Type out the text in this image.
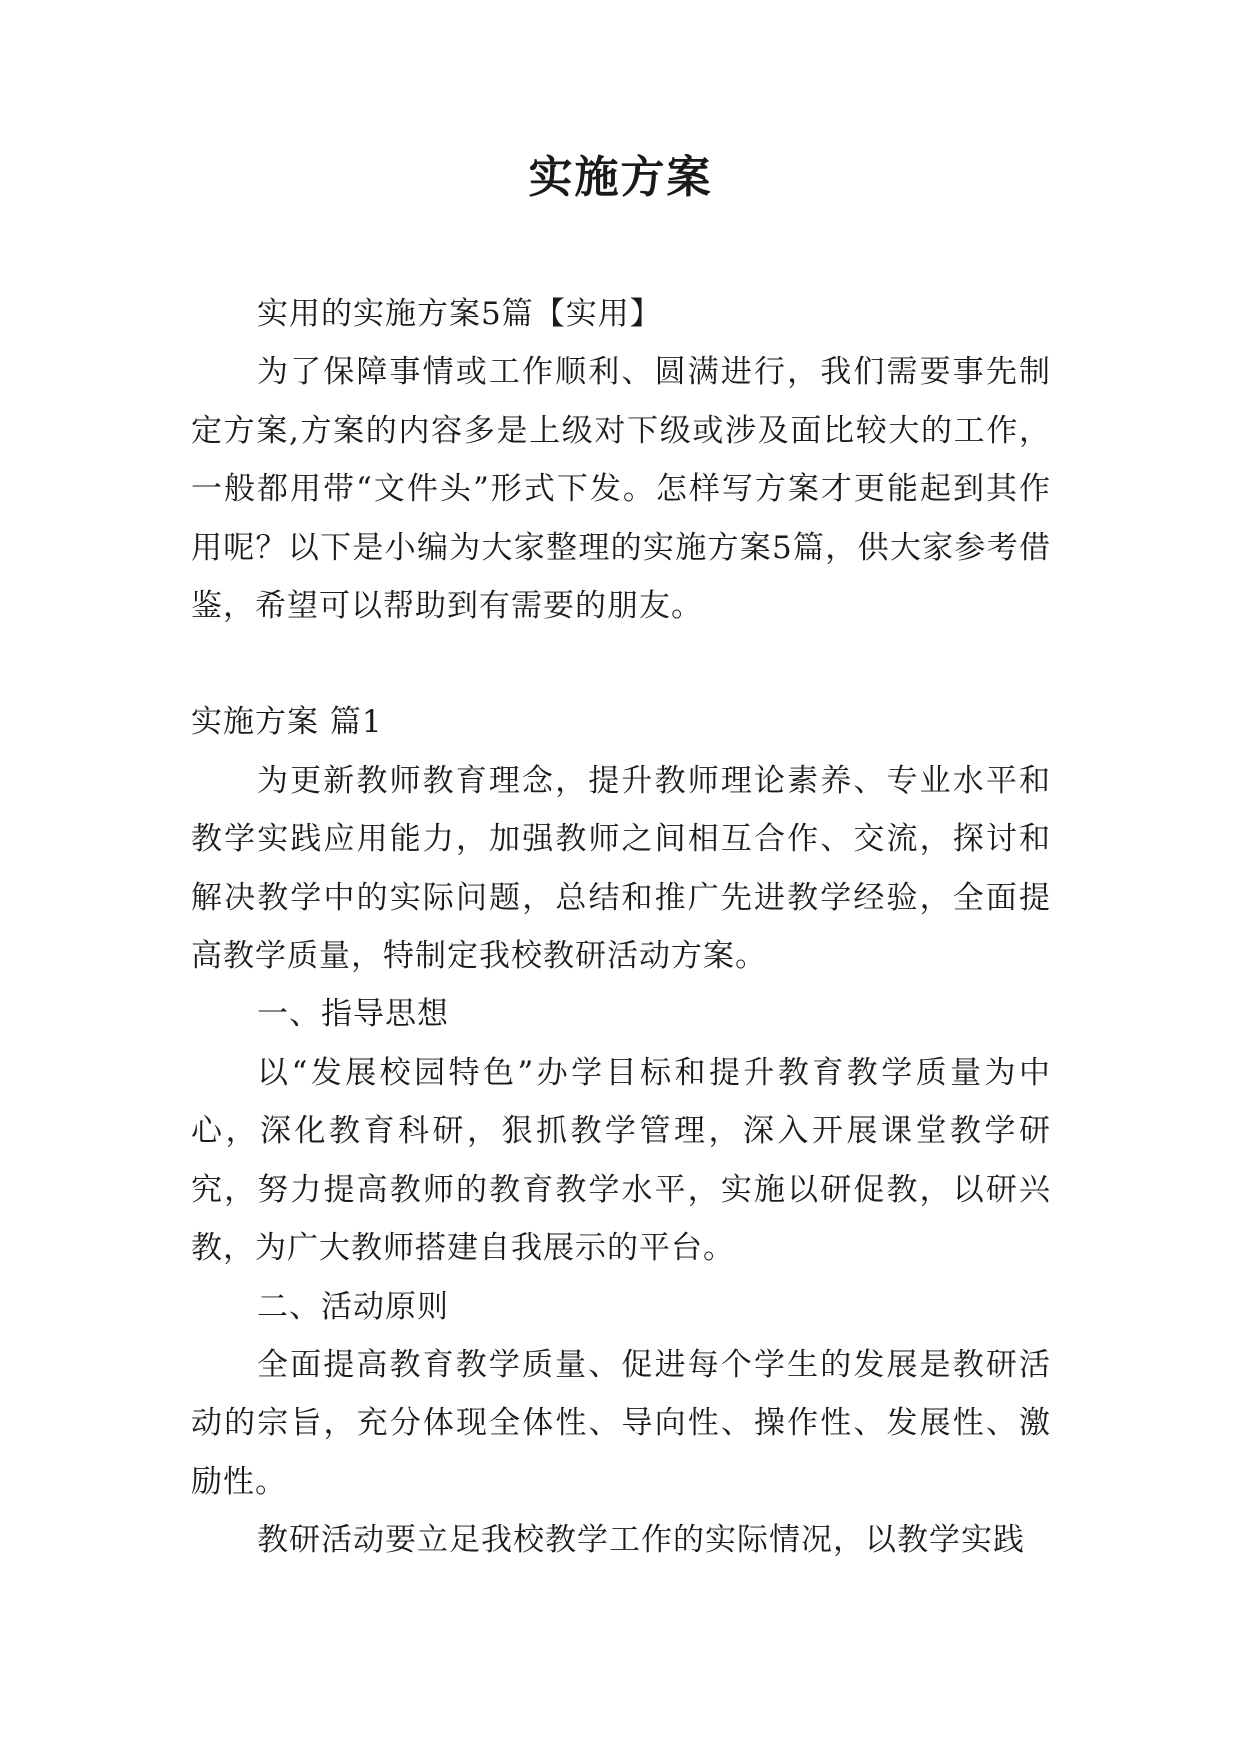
实施方案

实用的实施方案5篇【实用】

为了保障事情或工作顺利、圆满进行，我们需要事先制定方案,方案的内容多是上级对下级或涉及面比较大的工作，一般都用带“文件头”形式下发。怎样写方案才更能起到其作用呢？以下是小编为大家整理的实施方案5篇，供大家参考借鉴，希望可以帮助到有需要的朋友。

实施方案 篇1

为更新教师教育理念，提升教师理论素养、专业水平和教学实践应用能力，加强教师之间相互合作、交流，探讨和解决教学中的实际问题，总结和推广先进教学经验，全面提高教学质量，特制定我校教研活动方案。

一、指导思想

以“发展校园特色”办学目标和提升教育教学质量为中心，深化教育科研，狠抓教学管理，深入开展课堂教学研究，努力提高教师的教育教学水平，实施以研促教，以研兴教，为广大教师搭建自我展示的平台。

二、活动原则

全面提高教育教学质量、促进每个学生的发展是教研活动的宗旨，充分体现全体性、导向性、操作性、发展性、激励性。

教研活动要立足我校教学工作的实际情况，以教学实践
